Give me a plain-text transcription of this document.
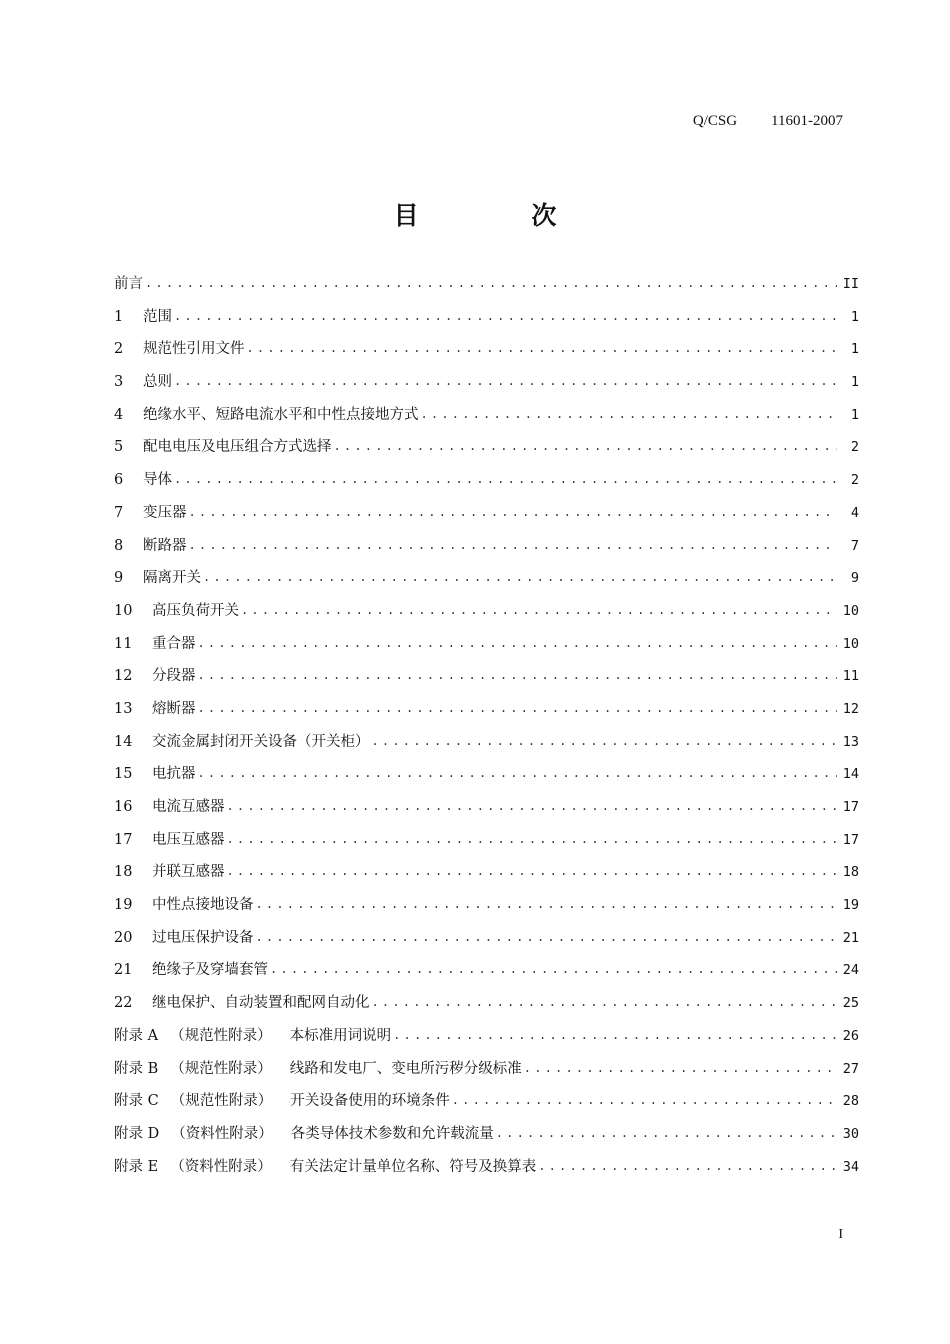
Q/CSG 11601-2007
目 次
前言 .....	II
1	范围 .....	1
2	规范性引用文件 .....	1
3	总则 .....	1
4	绝缘水平、短路电流水平和中性点接地方式 .....	1
5	配电电压及电压组合方式选择 .....	2
6	导体 .....	2
7	变压器 .....	4
8	断路器 .....	7
9	隔离开关 .....	9
10	高压负荷开关 .....	10
11	重合器 .....	10
12	分段器 .....	11
13	熔断器 .....	12
14	交流金属封闭开关设备（开关柜） .....	13
15	电抗器 .....	14
16	电流互感器 .....	17
17	电压互感器 .....	17
18	并联互感器 .....	18
19	中性点接地设备 .....	19
20	过电压保护设备 .....	21
21	绝缘子及穿墙套管 .....	24
22	继电保护、自动装置和配网自动化 .....	25
附录 A （规范性附录） 本标准用词说明 .....	26
附录 B （规范性附录） 线路和发电厂、变电所污秽分级标准 .....	27
附录 C （规范性附录） 开关设备使用的环境条件 .....	28
附录 D （资料性附录） 各类导体技术参数和允许载流量 .....	30
附录 E （资料性附录） 有关法定计量单位名称、符号及换算表 .....	34
I
